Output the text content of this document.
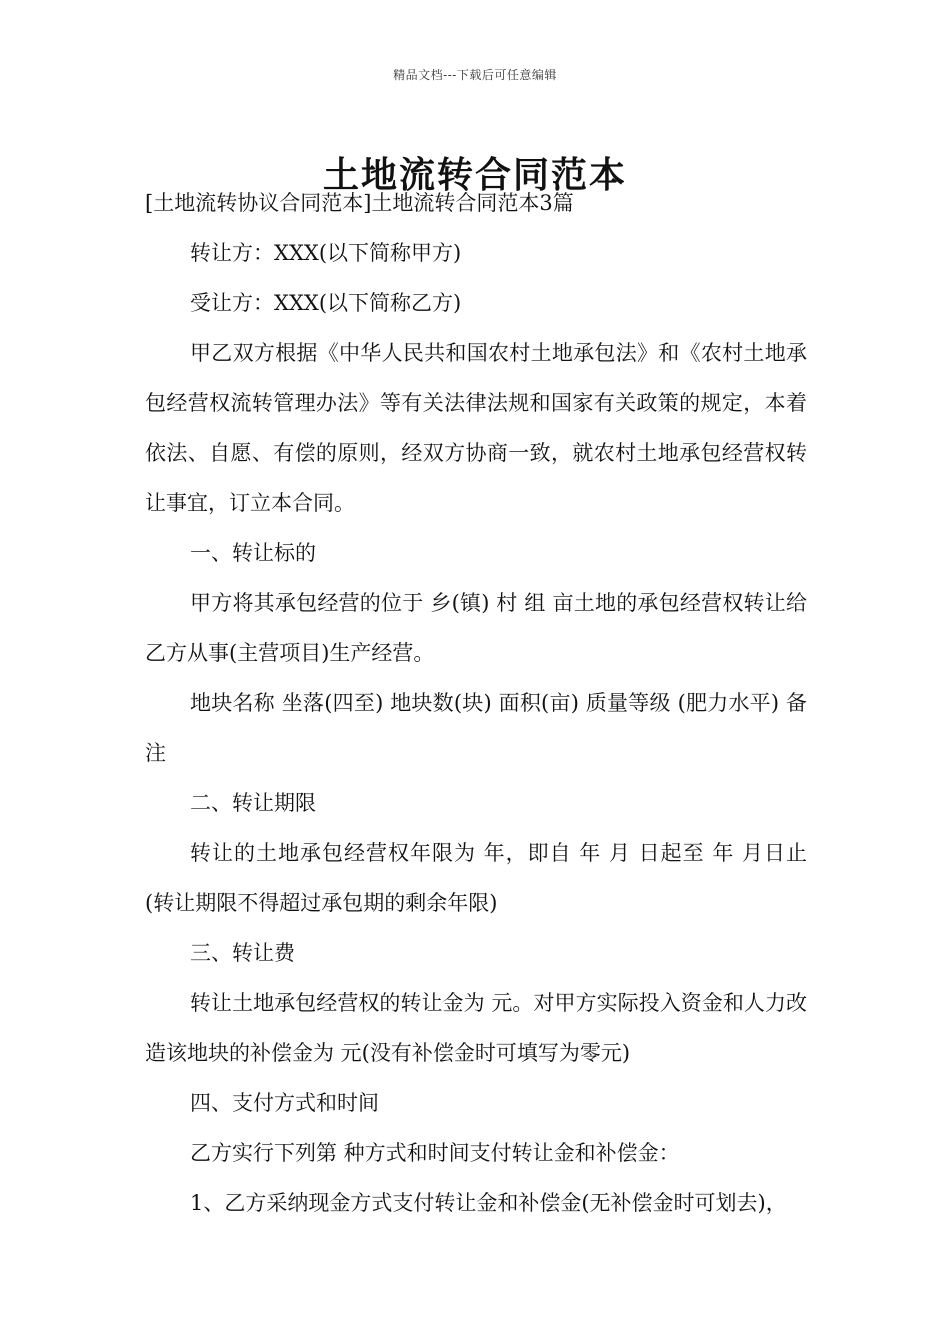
精品文档---下载后可任意编辑
土地流转合同范本

[土地流转协议合同范本]土地流转合同范本3篇

转让方：XXX(以下简称甲方)

受让方：XXX(以下简称乙方)

甲乙双方根据《中华人民共和国农村土地承包法》和《农村土地承包经营权流转管理办法》等有关法律法规和国家有关政策的规定，本着依法、自愿、有偿的原则，经双方协商一致，就农村土地承包经营权转让事宜，订立本合同。

一、转让标的

甲方将其承包经营的位于 乡(镇) 村 组 亩土地的承包经营权转让给乙方从事(主营项目)生产经营。

地块名称 坐落(四至) 地块数(块) 面积(亩) 质量等级 (肥力水平) 备注

二、转让期限

转让的土地承包经营权年限为 年，即自 年 月 日起至 年 月日止 (转让期限不得超过承包期的剩余年限)

三、转让费

转让土地承包经营权的转让金为 元。对甲方实际投入资金和人力改造该地块的补偿金为 元(没有补偿金时可填写为零元)

四、支付方式和时间

乙方实行下列第 种方式和时间支付转让金和补偿金：

1、乙方采纳现金方式支付转让金和补偿金(无补偿金时可划去)，
